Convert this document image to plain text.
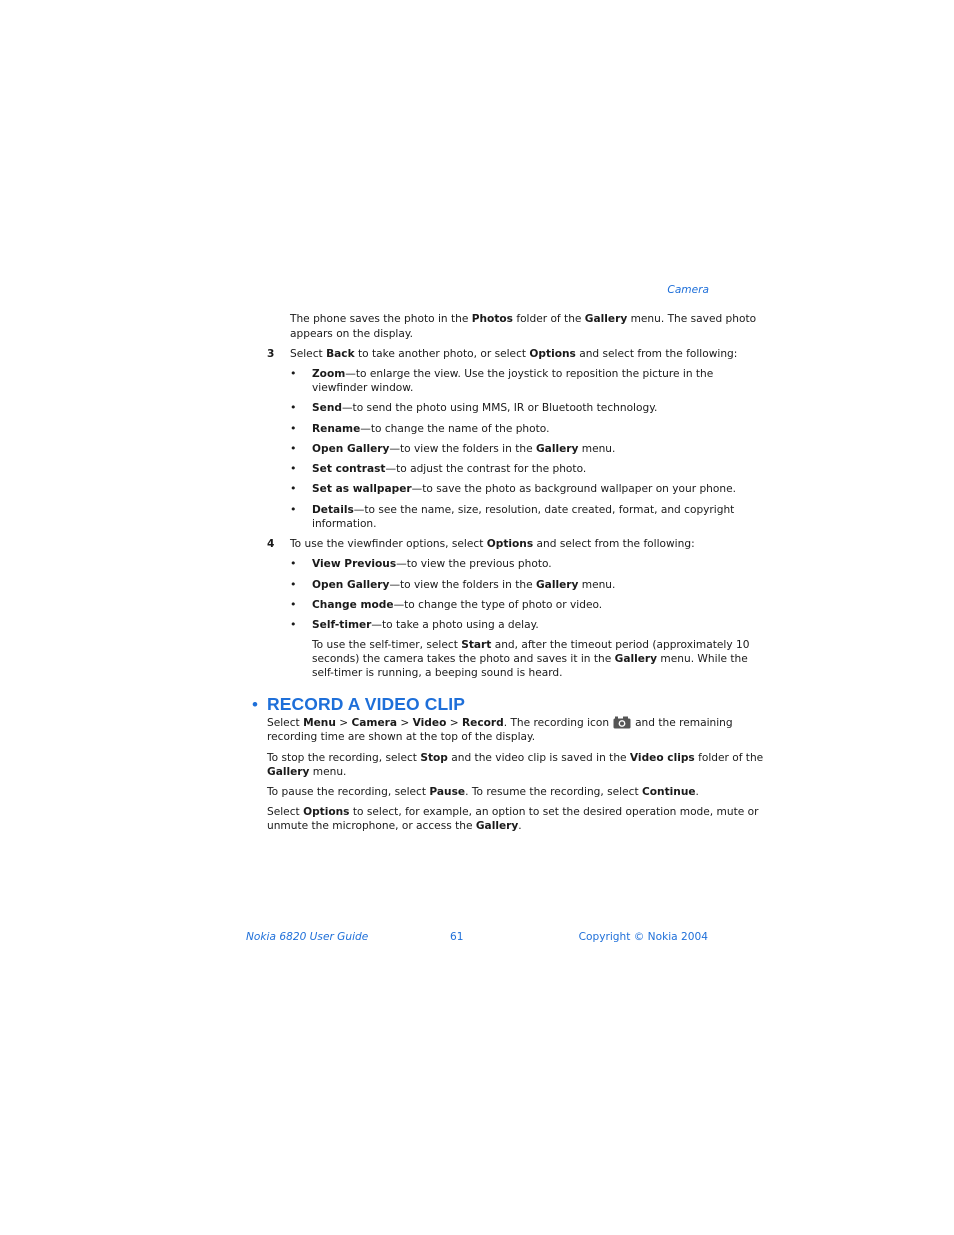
Camera
The phone saves the photo in the Photos folder of the Gallery menu. The saved photo
appears on the display.
3 Select Back to take another photo, or select Options and select from the following:
• Zoom—to enlarge the view. Use the joystick to reposition the picture in the
viewfinder window.
• Send—to send the photo using MMS, IR or Bluetooth technology.
• Rename—to change the name of the photo.
• Open Gallery—to view the folders in the Gallery menu.
• Set contrast—to adjust the contrast for the photo.
• Set as wallpaper—to save the photo as background wallpaper on your phone.
• Details—to see the name, size, resolution, date created, format, and copyright
information.
4 To use the viewfinder options, select Options and select from the following:
• View Previous—to view the previous photo.
• Open Gallery—to view the folders in the Gallery menu.
• Change mode—to change the type of photo or video.
• Self-timer—to take a photo using a delay.
To use the self-timer, select Start and, after the timeout period (approximately 10
seconds) the camera takes the photo and saves it in the Gallery menu. While the
self-timer is running, a beeping sound is heard.
• RECORD A VIDEO CLIP
Select Menu > Camera > Video > Record. The recording icon and the remaining
recording time are shown at the top of the display.
To stop the recording, select Stop and the video clip is saved in the Video clips folder of the
Gallery menu.
To pause the recording, select Pause. To resume the recording, select Continue.
Select Options to select, for example, an option to set the desired operation mode, mute or
unmute the microphone, or access the Gallery.
Nokia 6820 User Guide	61	Copyright © Nokia 2004
